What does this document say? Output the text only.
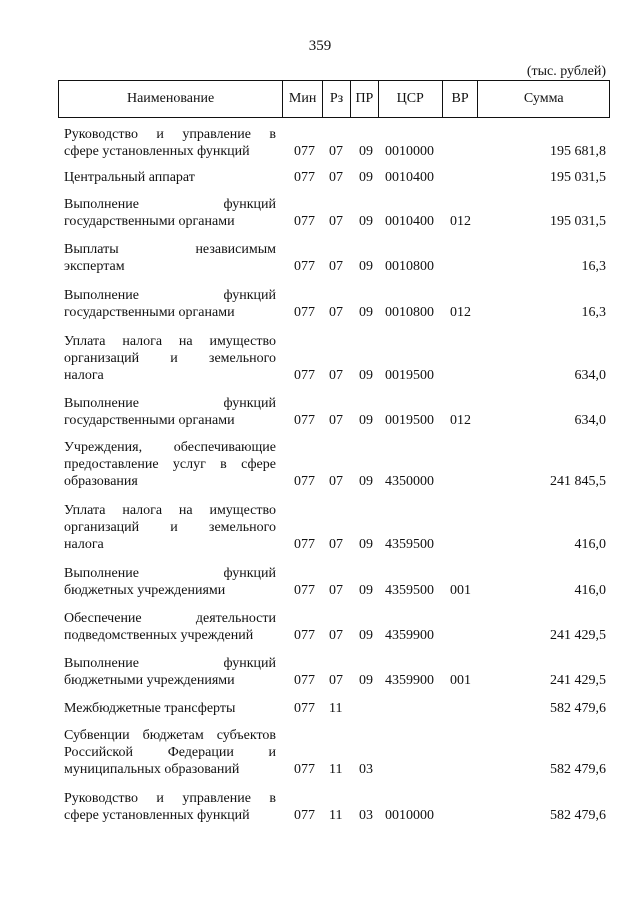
359
(тыс. рублей)
Наименование	Мин Рз ПР	ЦСР	ВР	Сумма
Руководство и управление в
сфере установленных функций	077 07 09 0010000	195 681,8
Центральный аппарат	077 07 09 0010400	195 031,5
Выполнение функций
государственными органами	077 07 09 0010400 012	195 031,5
Выплаты независимым
экспертам	077 07 09 0010800	16,3
Выполнение функций
государственными органами	077 07 09 0010800 012	16,3
Уплата налога на имущество
организаций и земельного
налога	077 07 09 0019500	634,0
Выполнение функций
государственными органами	077 07 09 0019500 012	634,0
Учреждения, обеспечивающие
предоставление услуг в сфере
образования	077 07 09 4350000	241 845,5
Уплата налога на имущество
организаций и земельного
налога	077 07 09 4359500	416,0
Выполнение функций
бюджетных учреждениями	077 07 09 4359500 001	416,0
Обеспечение деятельности
подведомственных учреждений	077 07 09 4359900	241 429,5
Выполнение функций
бюджетными учреждениями	077 07 09 4359900 001	241 429,5
Межбюджетные трансферты	077 11	582 479,6
Субвенции бюджетам субъектов
Российской Федерации и
муниципальных образований	077 11 03	582 479,6
Руководство и управление в
сфере установленных функций	077 11 03 0010000	582 479,6
